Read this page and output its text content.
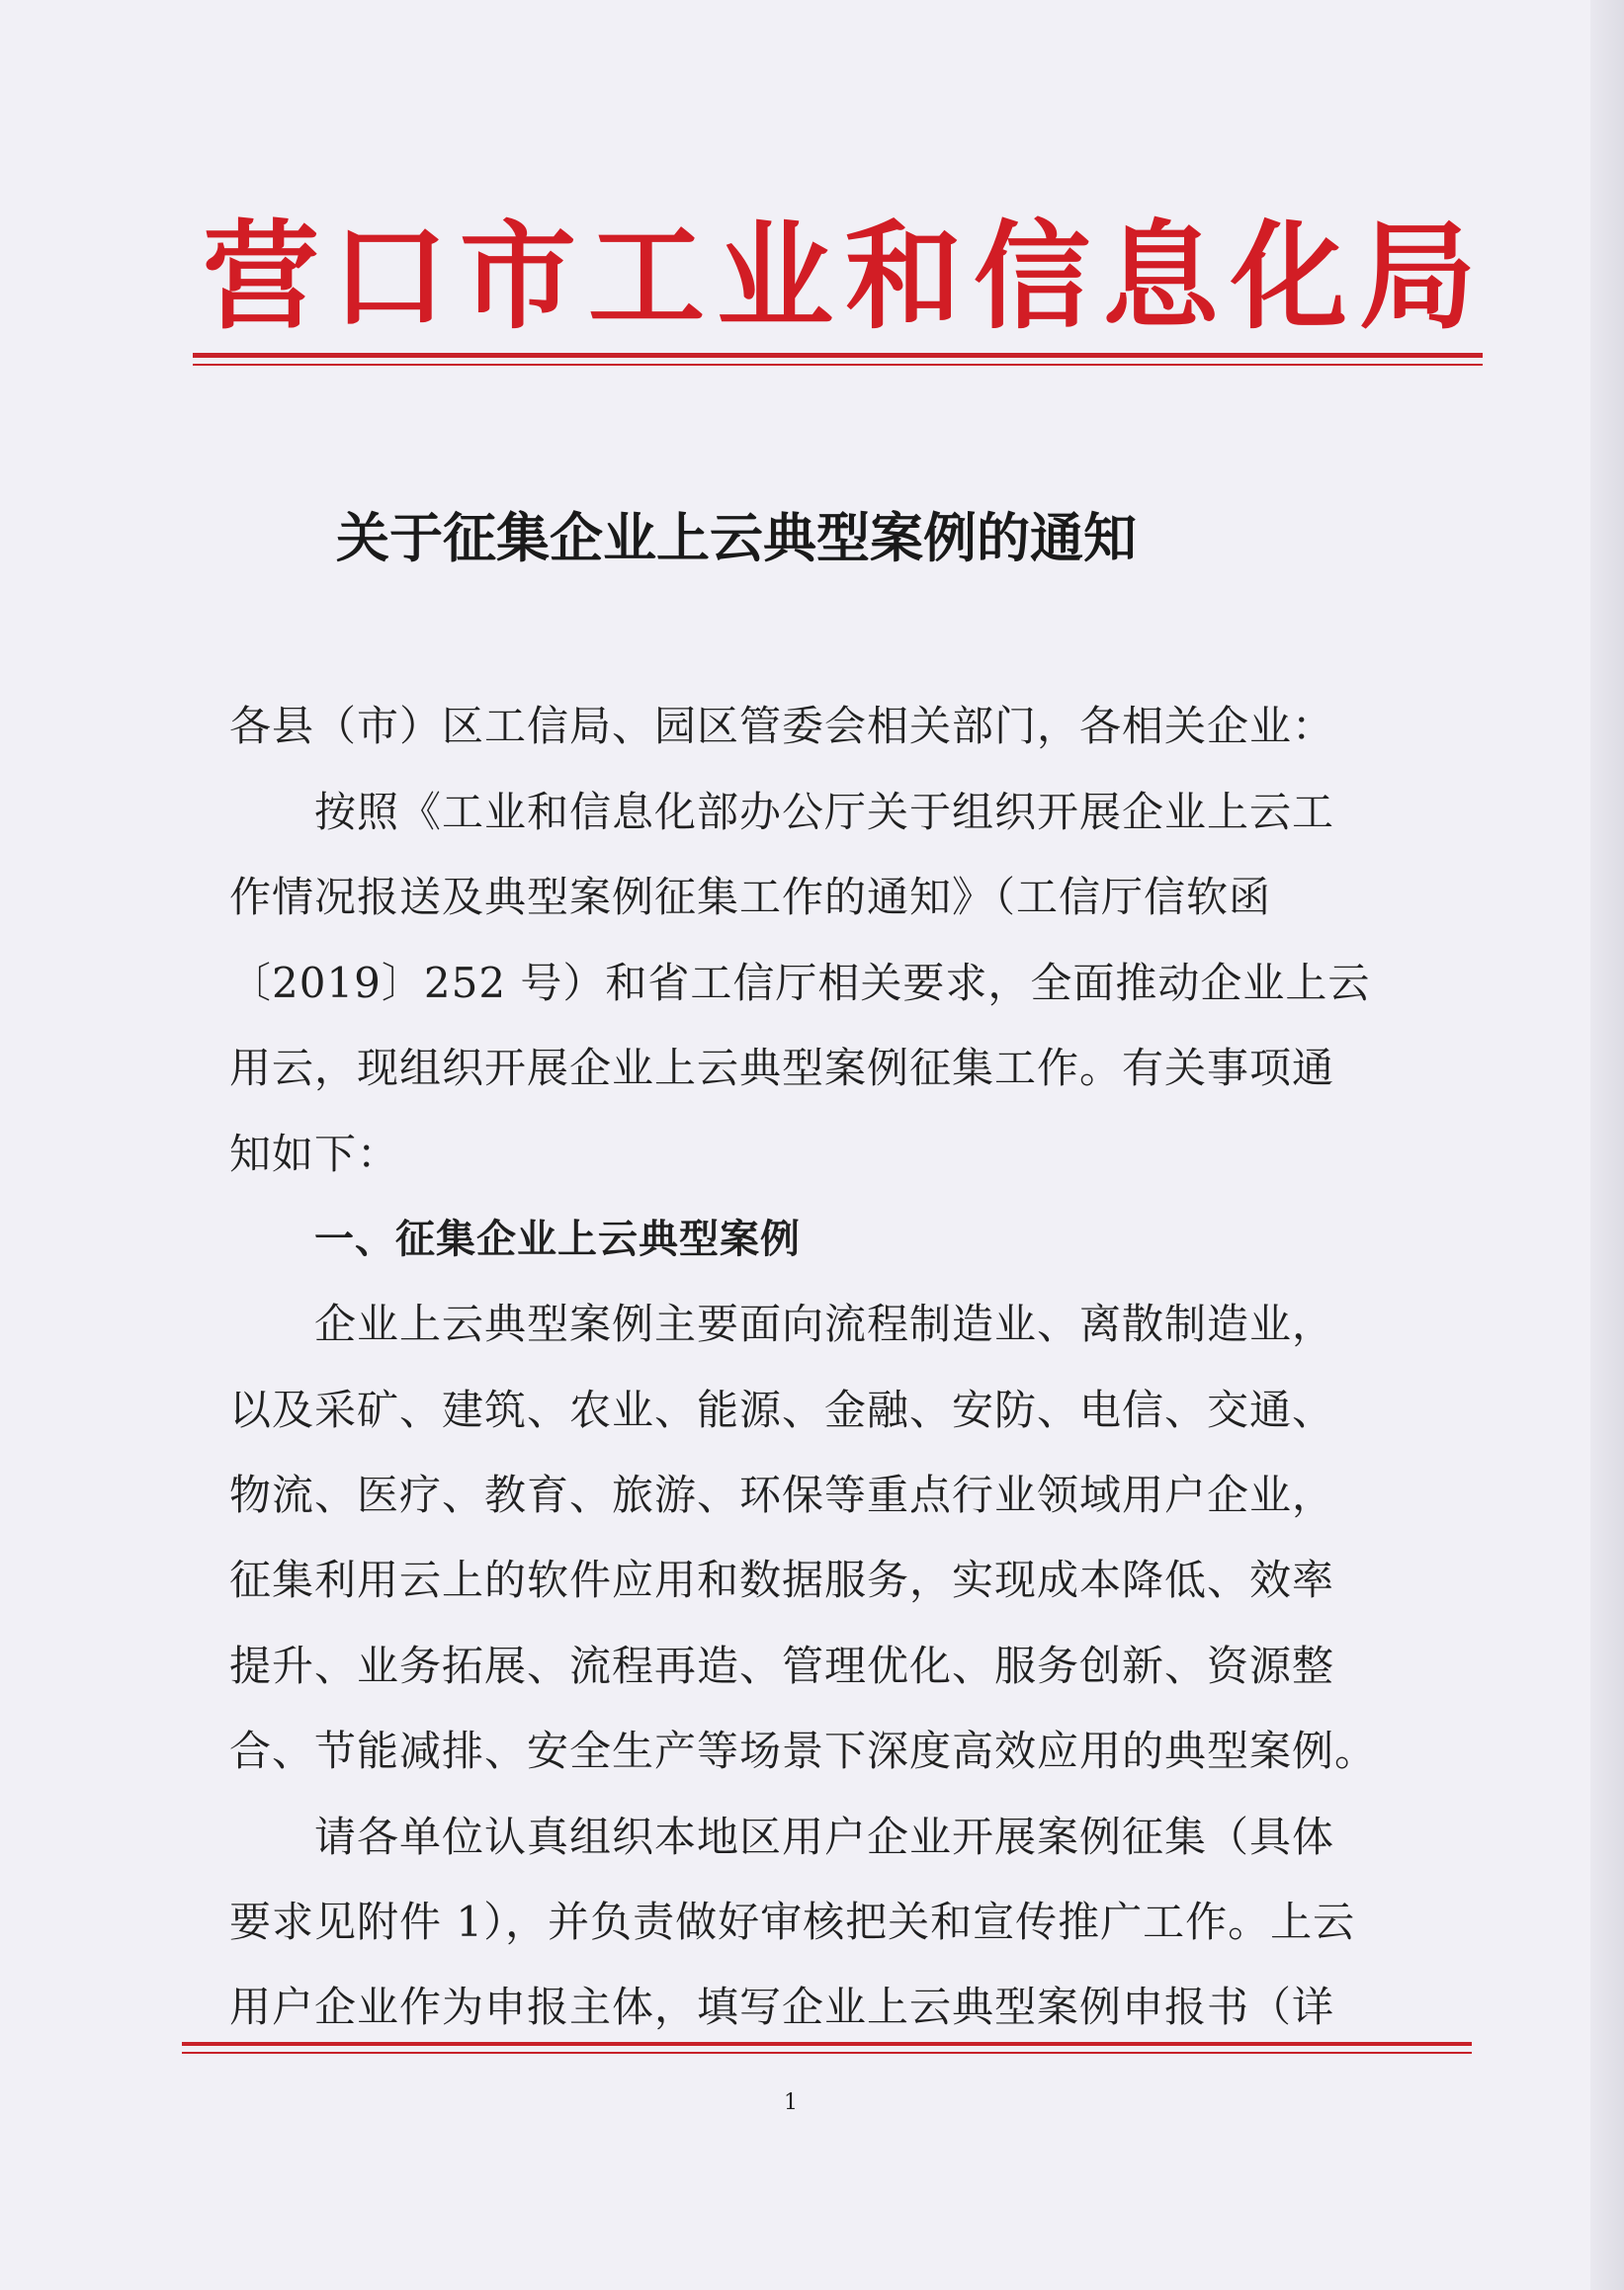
营口市工业和信息化局
关于征集企业上云典型案例的通知
各县（市）区工信局、园区管委会相关部门，各相关企业：
按照《工业和信息化部办公厅关于组织开展企业上云工
作情况报送及典型案例征集工作的通知》（工信厅信软函
〔2019〕252 号）和省工信厅相关要求，全面推动企业上云
用云，现组织开展企业上云典型案例征集工作。有关事项通
知如下：
一、征集企业上云典型案例
企业上云典型案例主要面向流程制造业、离散制造业，
以及采矿、建筑、农业、能源、金融、安防、电信、交通、
物流、医疗、教育、旅游、环保等重点行业领域用户企业，
征集利用云上的软件应用和数据服务，实现成本降低、效率
提升、业务拓展、流程再造、管理优化、服务创新、资源整
合、节能减排、安全生产等场景下深度高效应用的典型案例。
请各单位认真组织本地区用户企业开展案例征集（具体
要求见附件 1），并负责做好审核把关和宣传推广工作。上云
用户企业作为申报主体，填写企业上云典型案例申报书（详
1
